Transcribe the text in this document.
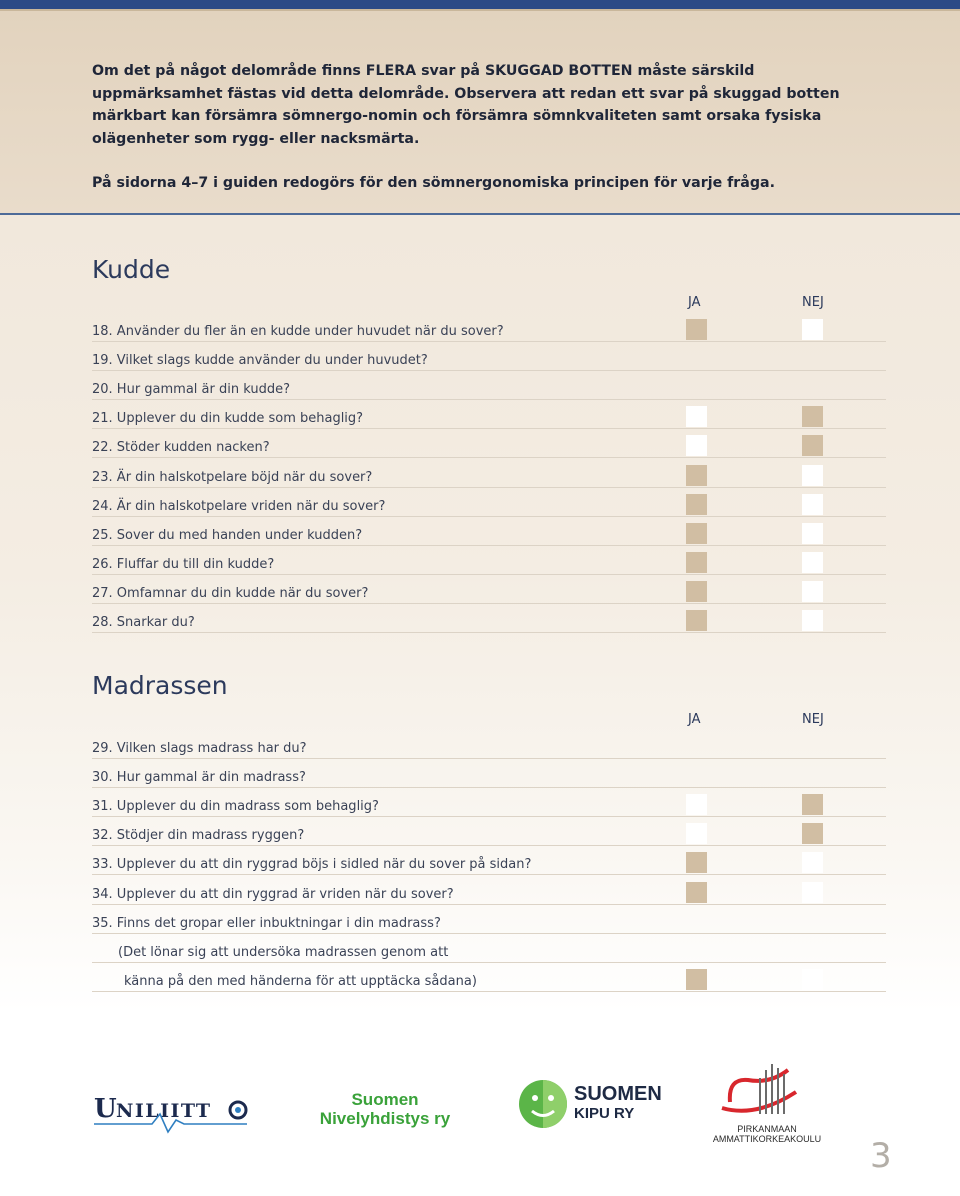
Om det på något delområde finns FLERA svar på SKUGGAD BOTTEN måste särskild uppmärksamhet fästas vid detta delområde. Observera att redan ett svar på skuggad botten märkbart kan försämra sömnergo-nomin och försämra sömnkvaliteten samt orsaka fysiska olägenheter som rygg- eller nacksmärta.

På sidorna 4–7 i guiden redogörs för den sömnergonomiska principen för varje fråga.

Kudde
JA	NEJ
18. Använder du fler än en kudde under huvudet när du sover?
19. Vilket slags kudde använder du under huvudet?
20. Hur gammal är din kudde?
21. Upplever du din kudde som behaglig?
22. Stöder kudden nacken?
23. Är din halskotpelare böjd när du sover?
24. Är din halskotpelare vriden när du sover?
25. Sover du med handen under kudden?
26. Fluffar du till din kudde?
27. Omfamnar du din kudde när du sover?
28. Snarkar du?
Madrassen
JA	NEJ
29. Vilken slags madrass har du?
30. Hur gammal är din madrass?
31. Upplever du din madrass som behaglig?
32. Stödjer din madrass ryggen?
33. Upplever du att din ryggrad böjs i sidled när du sover på sidan?
34. Upplever du att din ryggrad är vriden när du sover?
35. Finns det gropar eller inbuktningar i din madrass?
(Det lönar sig att undersöka madrassen genom att
känna på den med händerna för att upptäcka sådana)
U
NILIITT
Suomen
Nivelyhdistys ry
SUOMEN
KIPU RY
PIRKANMAAN
AMMATTIKORKEAKOULU 3
